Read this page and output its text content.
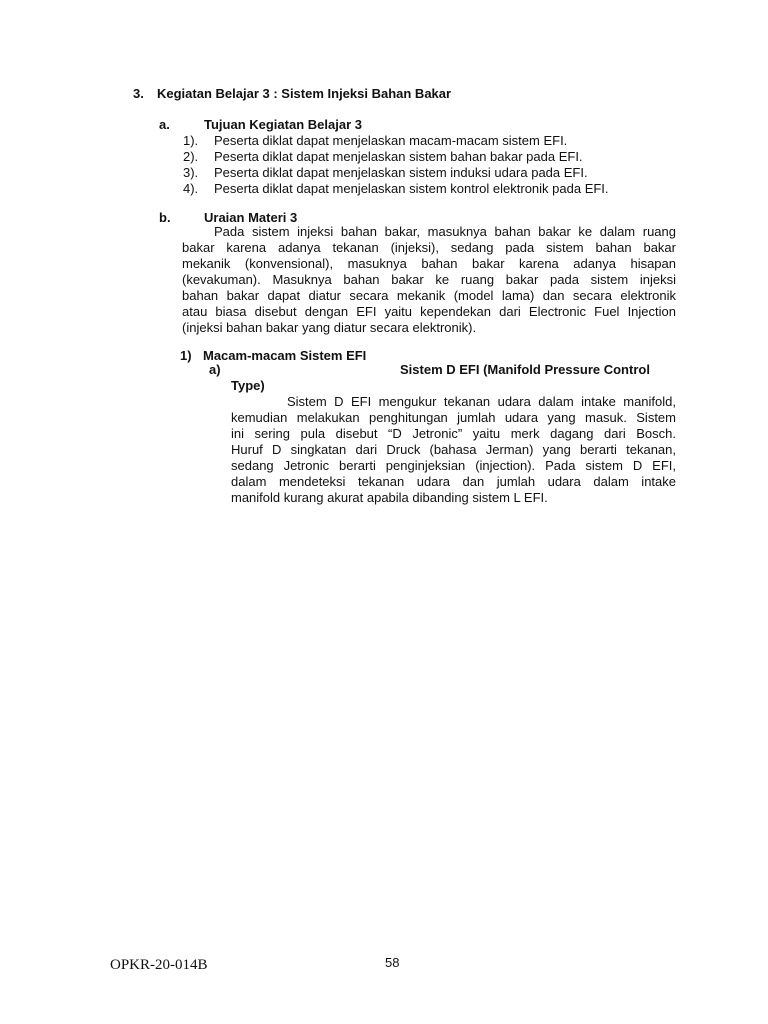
3. Kegiatan Belajar 3 : Sistem Injeksi Bahan Bakar
a.	Tujuan Kegiatan Belajar 3
1). Peserta diklat dapat menjelaskan macam-macam sistem EFI.
2). Peserta diklat dapat menjelaskan sistem bahan bakar pada EFI.
3). Peserta diklat dapat menjelaskan sistem induksi udara pada EFI.
4). Peserta diklat dapat menjelaskan sistem kontrol elektronik pada EFI.
b.	Uraian Materi 3
Pada sistem injeksi bahan bakar, masuknya bahan bakar ke dalam ruang
bakar karena adanya tekanan (injeksi), sedang pada sistem bahan bakar
mekanik (konvensional), masuknya bahan bakar karena adanya hisapan
(kevakuman). Masuknya bahan bakar ke ruang bakar pada sistem injeksi
bahan bakar dapat diatur secara mekanik (model lama) dan secara elektronik
atau biasa disebut dengan EFI yaitu kependekan dari Electronic Fuel Injection
(injeksi bahan bakar yang diatur secara elektronik).
1) Macam-macam Sistem EFI
a)	Sistem D EFI (Manifold Pressure Control
Type)
Sistem D EFI mengukur tekanan udara dalam intake manifold,
kemudian melakukan penghitungan jumlah udara yang masuk. Sistem
ini sering pula disebut “D Jetronic” yaitu merk dagang dari Bosch.
Huruf D singkatan dari Druck (bahasa Jerman) yang berarti tekanan,
sedang Jetronic berarti penginjeksian (injection). Pada sistem D EFI,
dalam mendeteksi tekanan udara dan jumlah udara dalam intake
manifold kurang akurat apabila dibanding sistem L EFI.
OPKR-20-014B	58
